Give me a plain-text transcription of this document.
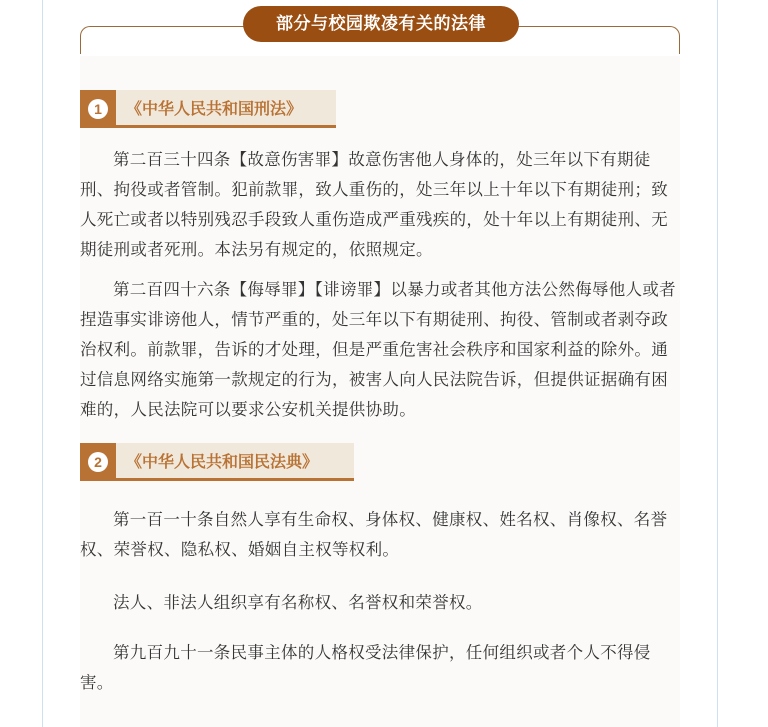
部分与校园欺凌有关的法律
1	《中华人民共和国刑法》

第二百三十四条【故意伤害罪】故意伤害他人身体的，处三年以下有期徒刑、拘役或者管制。犯前款罪，致人重伤的，处三年以上十年以下有期徒刑；致人死亡或者以特别残忍手段致人重伤造成严重残疾的，处十年以上有期徒刑、无期徒刑或者死刑。本法另有规定的，依照规定。

第二百四十六条【侮辱罪】【诽谤罪】以暴力或者其他方法公然侮辱他人或者捏造事实诽谤他人，情节严重的，处三年以下有期徒刑、拘役、管制或者剥夺政治权利。前款罪，告诉的才处理，但是严重危害社会秩序和国家利益的除外。通过信息网络实施第一款规定的行为，被害人向人民法院告诉，但提供证据确有困难的，人民法院可以要求公安机关提供协助。

2	《中华人民共和国民法典》

第一百一十条自然人享有生命权、身体权、健康权、姓名权、肖像权、名誉权、荣誉权、隐私权、婚姻自主权等权利。

法人、非法人组织享有名称权、名誉权和荣誉权。

第九百九十一条民事主体的人格权受法律保护，任何组织或者个人不得侵害。
